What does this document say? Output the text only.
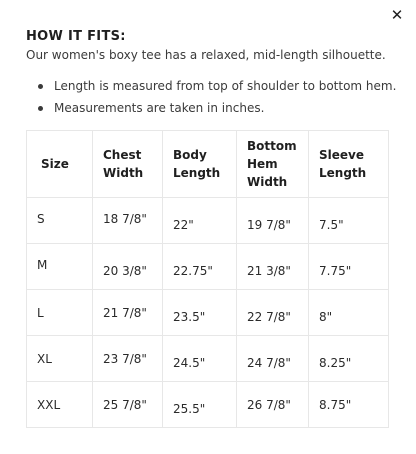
✕
HOW IT FITS:
Our women's boxy tee has a relaxed, mid-length silhouette.
Length is measured from top of shoulder to bottom hem.
Measurements are taken in inches.
Size	Chest Width	Body Length	Bottom Hem Width	Sleeve Length

S	18 7/8"	22"	19 7/8"	7.5"

M	20 3/8"	22.75"	21 3/8"	7.75"

L	21 7/8"	23.5"	22 7/8"	8"

XL	23 7/8"	24.5"	24 7/8"	8.25"

XXL	25 7/8"	25.5"	26 7/8"	8.75"
